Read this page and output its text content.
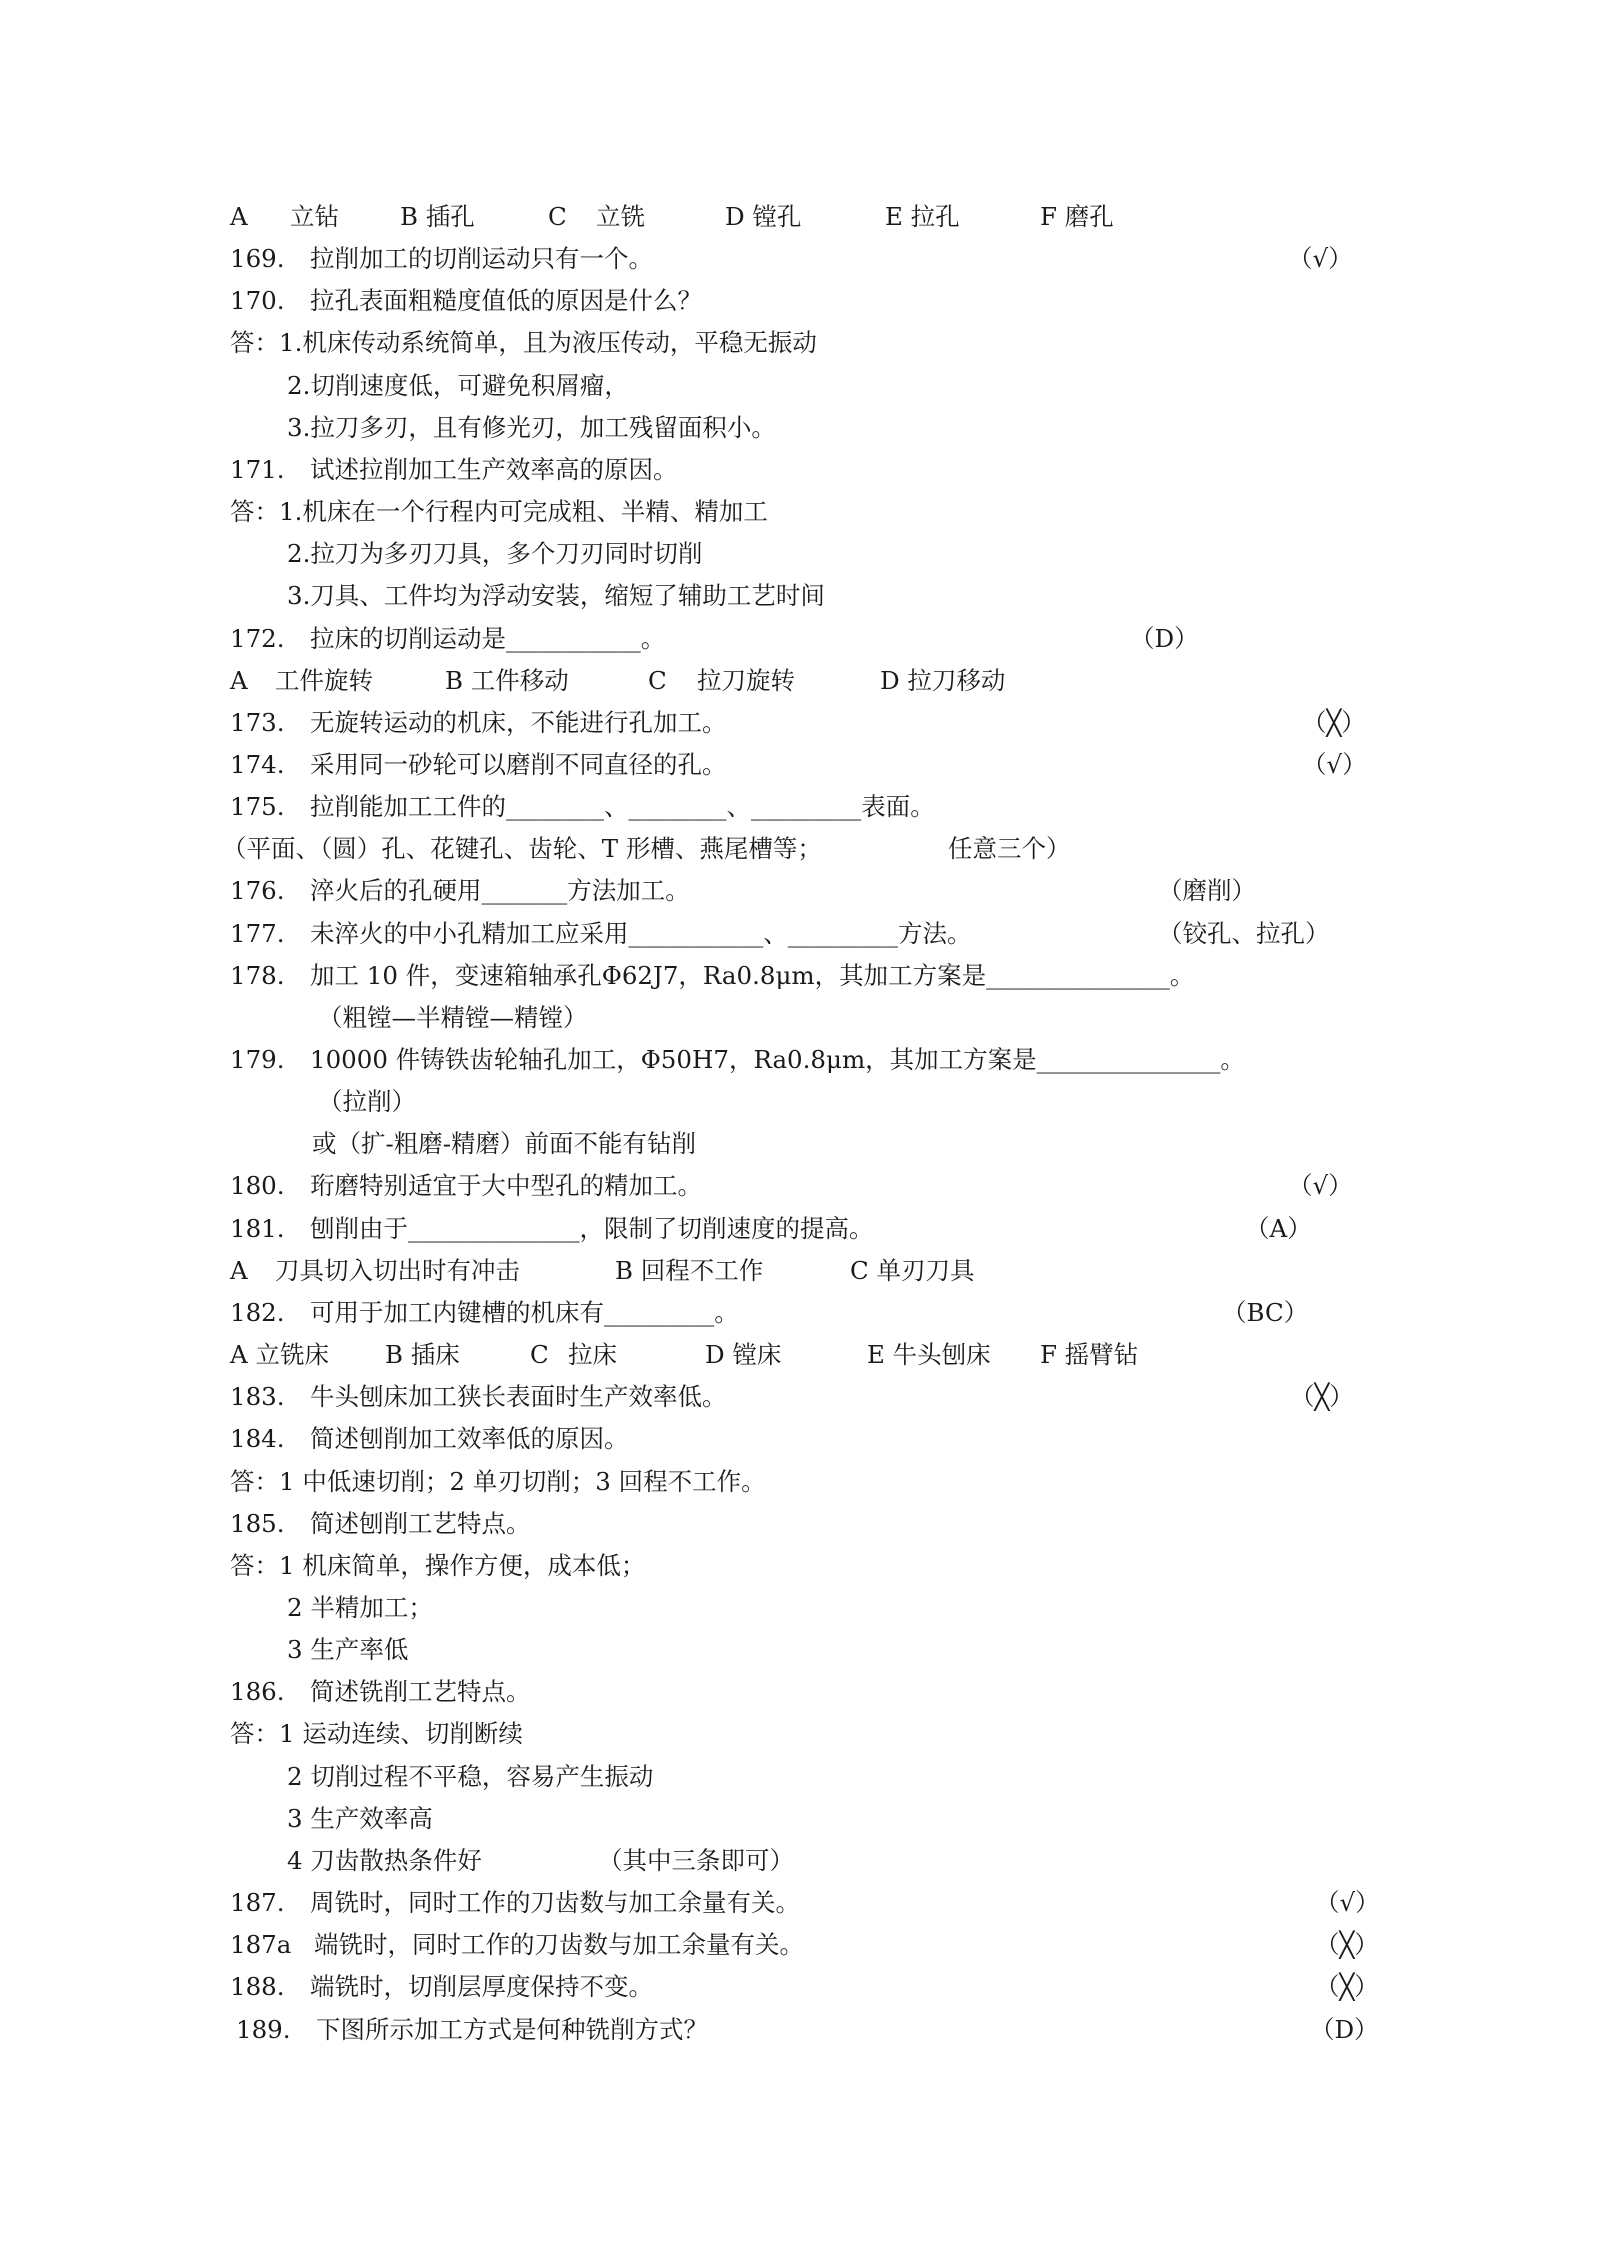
A 立钻 B 插孔	C 立铣	D 镗孔	E 拉孔	F 磨孔
169. 拉削加工的切削运动只有一个。	（√）
170. 拉孔表面粗糙度值低的原因是什么？
答：1.机床传动系统简单，且为液压传动，平稳无振动
2.切削速度低，可避免积屑瘤，
3.拉刀多刃，且有修光刃，加工残留面积小。
171. 试述拉削加工生产效率高的原因。
答：1.机床在一个行程内可完成粗、半精、精加工
2.拉刀为多刃刀具，多个刀刃同时切削
3.刀具、工件均为浮动安装，缩短了辅助工艺时间
172. 拉床的切削运动是___________。	（D）
A 工件旋转	B 工件移动	C 拉刀旋转	D 拉刀移动
173. 无旋转运动的机床，不能进行孔加工。	（╳）
174. 采用同一砂轮可以磨削不同直径的孔。	（√）
175. 拉削能加工工件的________、________、_________表面。
（平面、（圆）孔、花键孔、齿轮、T 形槽、燕尾槽等；	任意三个）
176. 淬火后的孔硬用_______方法加工。	（磨削）
177. 未淬火的中小孔精加工应采用___________、_________方法。	（铰孔、拉孔）
178. 加工 10 件，变速箱轴承孔Φ62J7，Ra0.8μm，其加工方案是_______________。
（粗镗—半精镗—精镗）
179. 10000 件铸铁齿轮轴孔加工，Φ50H7，Ra0.8μm，其加工方案是_______________。
（拉削）
或（扩-粗磨-精磨）前面不能有钻削
180. 珩磨特别适宜于大中型孔的精加工。	（√）
181. 刨削由于______________，限制了切削速度的提高。	（A）
A 刀具切入切出时有冲击	B 回程不工作	C 单刃刀具
182. 可用于加工内键槽的机床有_________。	（BC）
A 立铣床 B 插床	C 拉床	D 镗床	E 牛头刨床 F 摇臂钻
183. 牛头刨床加工狭长表面时生产效率低。	（╳）
184. 简述刨削加工效率低的原因。
答：1 中低速切削；2 单刃切削；3 回程不工作。
185. 简述刨削工艺特点。
答：1 机床简单，操作方便，成本低；
2 半精加工；
3 生产率低
186. 简述铣削工艺特点。
答：1 运动连续、切削断续
2 切削过程不平稳，容易产生振动
3 生产效率高
4 刀齿散热条件好	（其中三条即可）
187. 周铣时，同时工作的刀齿数与加工余量有关。	（√）
187a 端铣时，同时工作的刀齿数与加工余量有关。	（╳）
188. 端铣时，切削层厚度保持不变。	（╳）
189. 下图所示加工方式是何种铣削方式？	（D）
